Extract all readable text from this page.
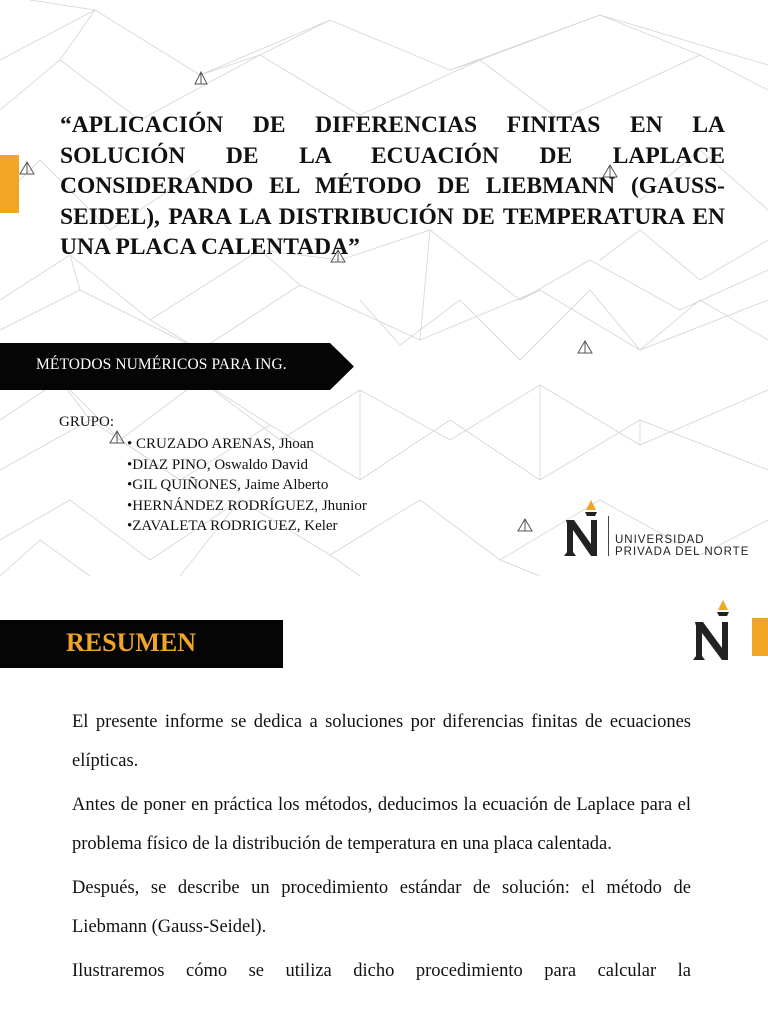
“APLICACIÓN DE DIFERENCIAS FINITAS EN LA SOLUCIÓN DE LA ECUACIÓN DE LAPLACE CONSIDERANDO EL MÉTODO DE LIEBMANN (GAUSS-SEIDEL), PARA LA DISTRIBUCIÓN DE TEMPERATURA EN UNA PLACA CALENTADA”
MÉTODOS NUMÉRICOS PARA ING.
GRUPO:
• CRUZADO ARENAS, Jhoan
•DIAZ PINO, Oswaldo David
•GIL QUIÑONES, Jaime Alberto
•HERNÁNDEZ RODRÍGUEZ, Jhunior
•ZAVALETA RODRIGUEZ, Keler
UNIVERSIDAD
PRIVADA DEL NORTE
RESUMEN

El presente informe se dedica a soluciones por diferencias finitas de ecuaciones elípticas.

Antes de poner en práctica los métodos, deducimos la ecuación de Laplace para el problema físico de la distribución de temperatura en una placa calentada.

Después, se describe un procedimiento estándar de solución: el método de Liebmann (Gauss-Seidel).

Ilustraremos cómo se utiliza dicho procedimiento para calcular la
